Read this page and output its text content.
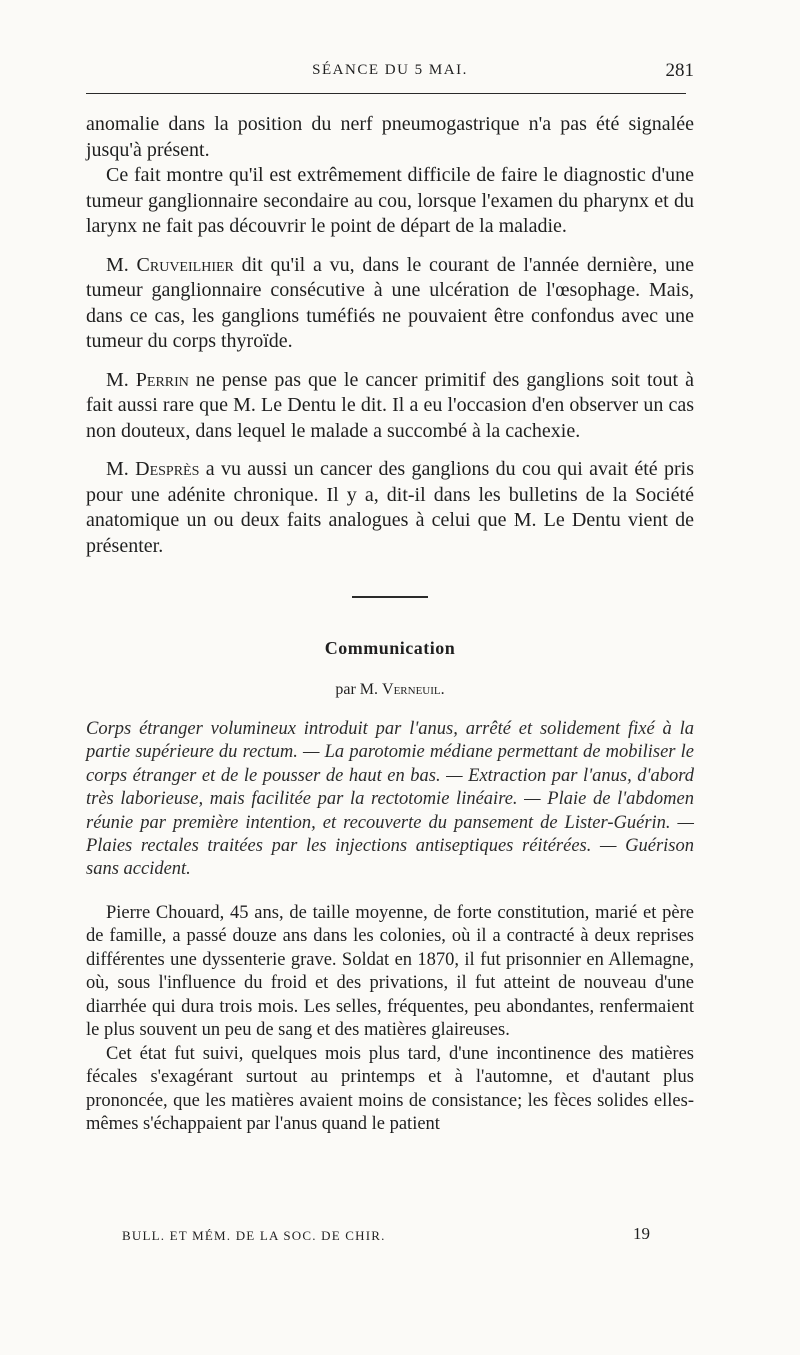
SÉANCE DU 5 MAI.	281

anomalie dans la position du nerf pneumogastrique n'a pas été signalée jusqu'à présent.

Ce fait montre qu'il est extrêmement difficile de faire le diagnostic d'une tumeur ganglionnaire secondaire au cou, lorsque l'examen du pharynx et du larynx ne fait pas découvrir le point de départ de la maladie.

M. Cruveilhier dit qu'il a vu, dans le courant de l'année dernière, une tumeur ganglionnaire consécutive à une ulcération de l'œsophage. Mais, dans ce cas, les ganglions tuméfiés ne pouvaient être confondus avec une tumeur du corps thyroïde.

M. Perrin ne pense pas que le cancer primitif des ganglions soit tout à fait aussi rare que M. Le Dentu le dit. Il a eu l'occasion d'en observer un cas non douteux, dans lequel le malade a succombé à la cachexie.

M. Desprès a vu aussi un cancer des ganglions du cou qui avait été pris pour une adénite chronique. Il y a, dit-il dans les bulletins de la Société anatomique un ou deux faits analogues à celui que M. Le Dentu vient de présenter.

Communication
par M. Verneuil.
Corps étranger volumineux introduit par l'anus, arrêté et solidement fixé à la partie supérieure du rectum. — La parotomie médiane permettant de mobiliser le corps étranger et de le pousser de haut en bas. — Extraction par l'anus, d'abord très laborieuse, mais facilitée par la rectotomie linéaire. — Plaie de l'abdomen réunie par première intention, et recouverte du pansement de Lister-Guérin. — Plaies rectales traitées par les injections antiseptiques réitérées. — Guérison sans accident.

Pierre Chouard, 45 ans, de taille moyenne, de forte constitution, marié et père de famille, a passé douze ans dans les colonies, où il a contracté à deux reprises différentes une dyssenterie grave. Soldat en 1870, il fut prisonnier en Allemagne, où, sous l'influence du froid et des privations, il fut atteint de nouveau d'une diarrhée qui dura trois mois. Les selles, fréquentes, peu abondantes, renfermaient le plus souvent un peu de sang et des matières glaireuses.

Cet état fut suivi, quelques mois plus tard, d'une incontinence des matières fécales s'exagérant surtout au printemps et à l'automne, et d'autant plus prononcée, que les matières avaient moins de consistance; les fèces solides elles-mêmes s'échappaient par l'anus quand le patient

BULL. ET MÉM. DE LA SOC. DE CHIR.	19
